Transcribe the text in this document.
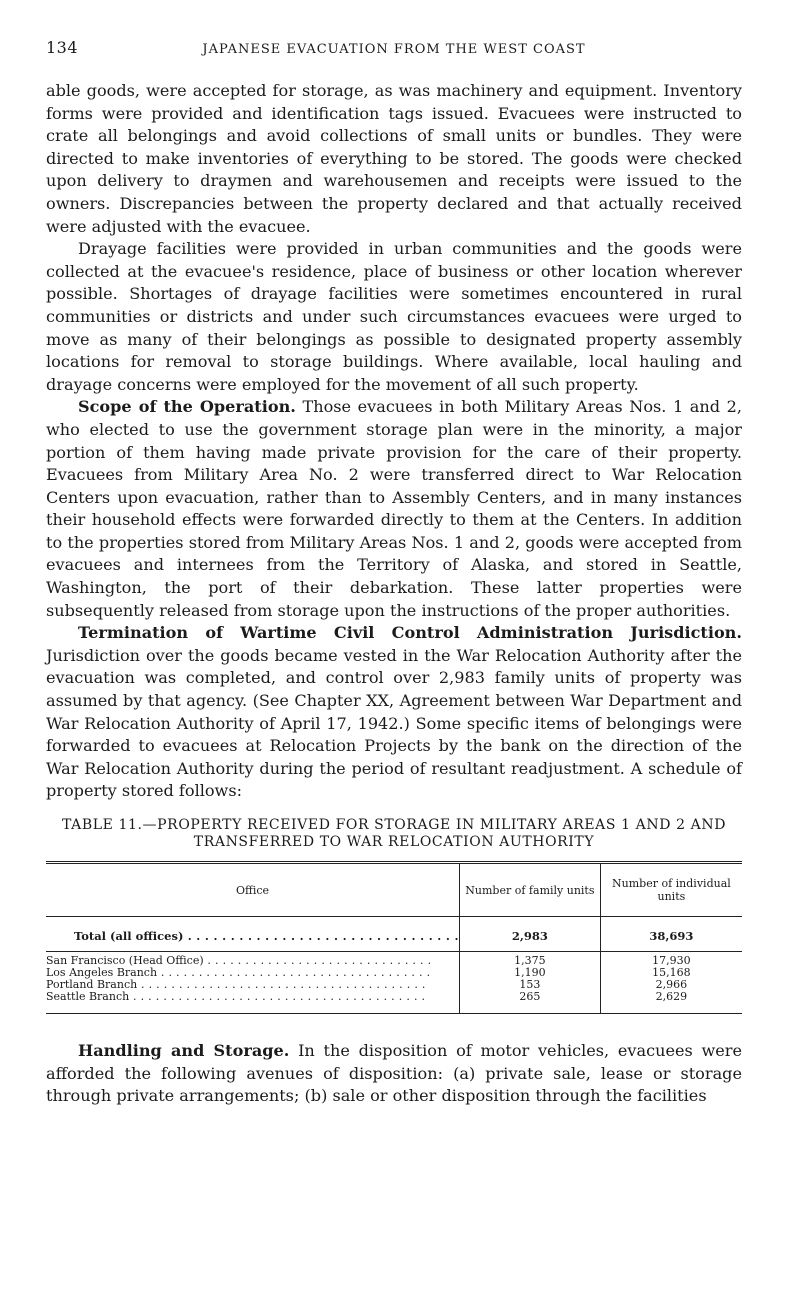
134	JAPANESE EVACUATION FROM THE WEST COAST

able goods, were accepted for storage, as was machinery and equipment. Inventory forms were provided and identification tags issued. Evacuees were instructed to crate all belongings and avoid collections of small units or bundles. They were directed to make inventories of everything to be stored. The goods were checked upon delivery to draymen and warehousemen and receipts were issued to the owners. Discrepancies between the property declared and that actually received were adjusted with the evacuee.

Drayage facilities were provided in urban communities and the goods were collected at the evacuee's residence, place of business or other location wherever possible. Shortages of drayage facilities were sometimes encountered in rural communities or districts and under such circumstances evacuees were urged to move as many of their belongings as possible to designated property assembly locations for removal to storage buildings. Where available, local hauling and drayage concerns were employed for the movement of all such property.

Scope of the Operation. Those evacuees in both Military Areas Nos. 1 and 2, who elected to use the government storage plan were in the minority, a major portion of them having made private provision for the care of their property. Evacuees from Military Area No. 2 were transferred direct to War Relocation Centers upon evacuation, rather than to Assembly Centers, and in many instances their household effects were forwarded directly to them at the Centers. In addition to the properties stored from Military Areas Nos. 1 and 2, goods were accepted from evacuees and internees from the Territory of Alaska, and stored in Seattle, Washington, the port of their debarkation. These latter properties were subsequently released from storage upon the instructions of the proper authorities.

Termination of Wartime Civil Control Administration Jurisdiction. Jurisdiction over the goods became vested in the War Relocation Authority after the evacuation was completed, and control over 2,983 family units of property was assumed by that agency. (See Chapter XX, Agreement between War Department and War Relocation Authority of April 17, 1942.) Some specific items of belongings were forwarded to evacuees at Relocation Projects by the bank on the direction of the War Relocation Authority during the period of resultant readjustment. A schedule of property stored follows:

TABLE 11.—PROPERTY RECEIVED FOR STORAGE IN MILITARY AREAS 1 AND 2 AND
TRANSFERRED TO WAR RELOCATION AUTHORITY
Office	Number of family units	Number of individual units

Total (all offices) . . .	2,983	38,693

San Francisco (Head Office) . . .	1,375	17,930

Los Angeles Branch . . .	1,190	15,168

Portland Branch . . .	153	2,966

Seattle Branch . . .	265	2,629

Handling and Storage. In the disposition of motor vehicles, evacuees were afforded the following avenues of disposition: (a) private sale, lease or storage through private arrangements; (b) sale or other disposition through the facilities
